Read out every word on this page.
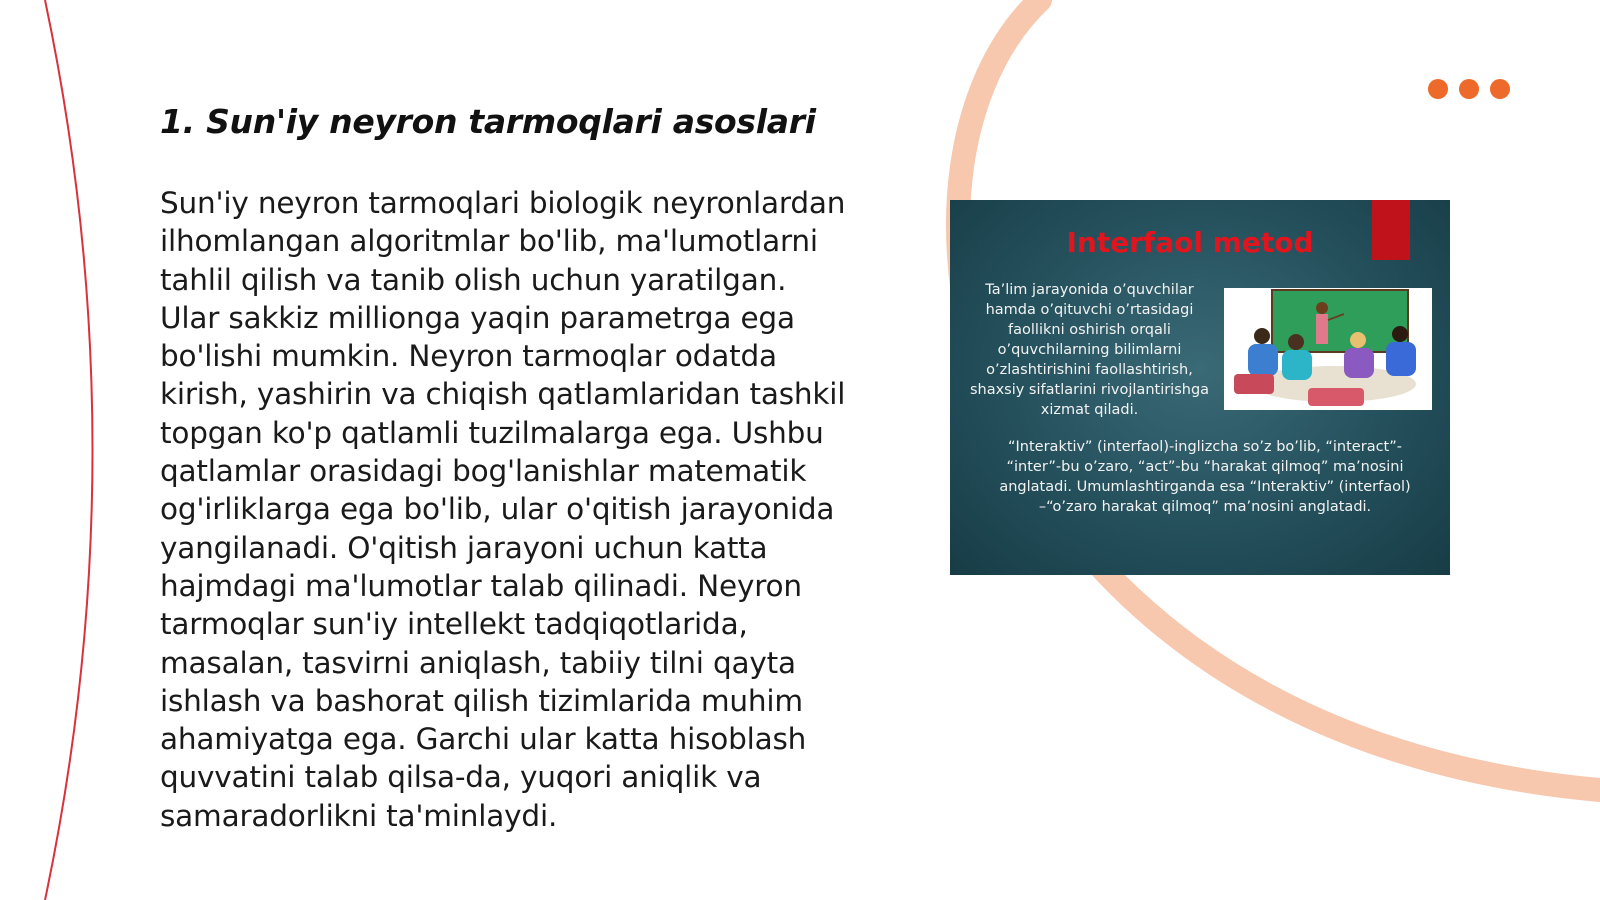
1. Sun'iy neyron tarmoqlari asoslari

Sun'iy neyron tarmoqlari biologik neyronlardan ilhomlangan algoritmlar bo'lib, ma'lumotlarni tahlil qilish va tanib olish uchun yaratilgan. Ular sakkiz millionga yaqin parametrga ega bo'lishi mumkin. Neyron tarmoqlar odatda kirish, yashirin va chiqish qatlamlaridan tashkil topgan ko'p qatlamli tuzilmalarga ega. Ushbu qatlamlar orasidagi bog'lanishlar matematik og'irliklarga ega bo'lib, ular o'qitish jarayonida yangilanadi. O'qitish jarayoni uchun katta hajmdagi ma'lumotlar talab qilinadi. Neyron tarmoqlar sun'iy intellekt tadqiqotlarida, masalan, tasvirni aniqlash, tabiiy tilni qayta ishlash va bashorat qilish tizimlarida muhim ahamiyatga ega. Garchi ular katta hisoblash quvvatini talab qilsa-da, yuqori aniqlik va samaradorlikni ta'minlaydi.

Interfaol metod

Ta’lim jarayonida o’quvchilar hamda o’qituvchi o’rtasidagi faollikni oshirish orqali o’quvchilarning bilimlarni o’zlashtirishini faollashtirish, shaxsiy sifatlarini rivojlantirishga xizmat qiladi.

“Interaktiv” (interfaol)-inglizcha so’z bo’lib, “interact”- “inter”-bu o’zaro, “act”-bu “harakat qilmoq” ma’nosini anglatadi. Umumlashtirganda esa “Interaktiv” (interfaol) –“o’zaro harakat qilmoq” ma’nosini anglatadi.
